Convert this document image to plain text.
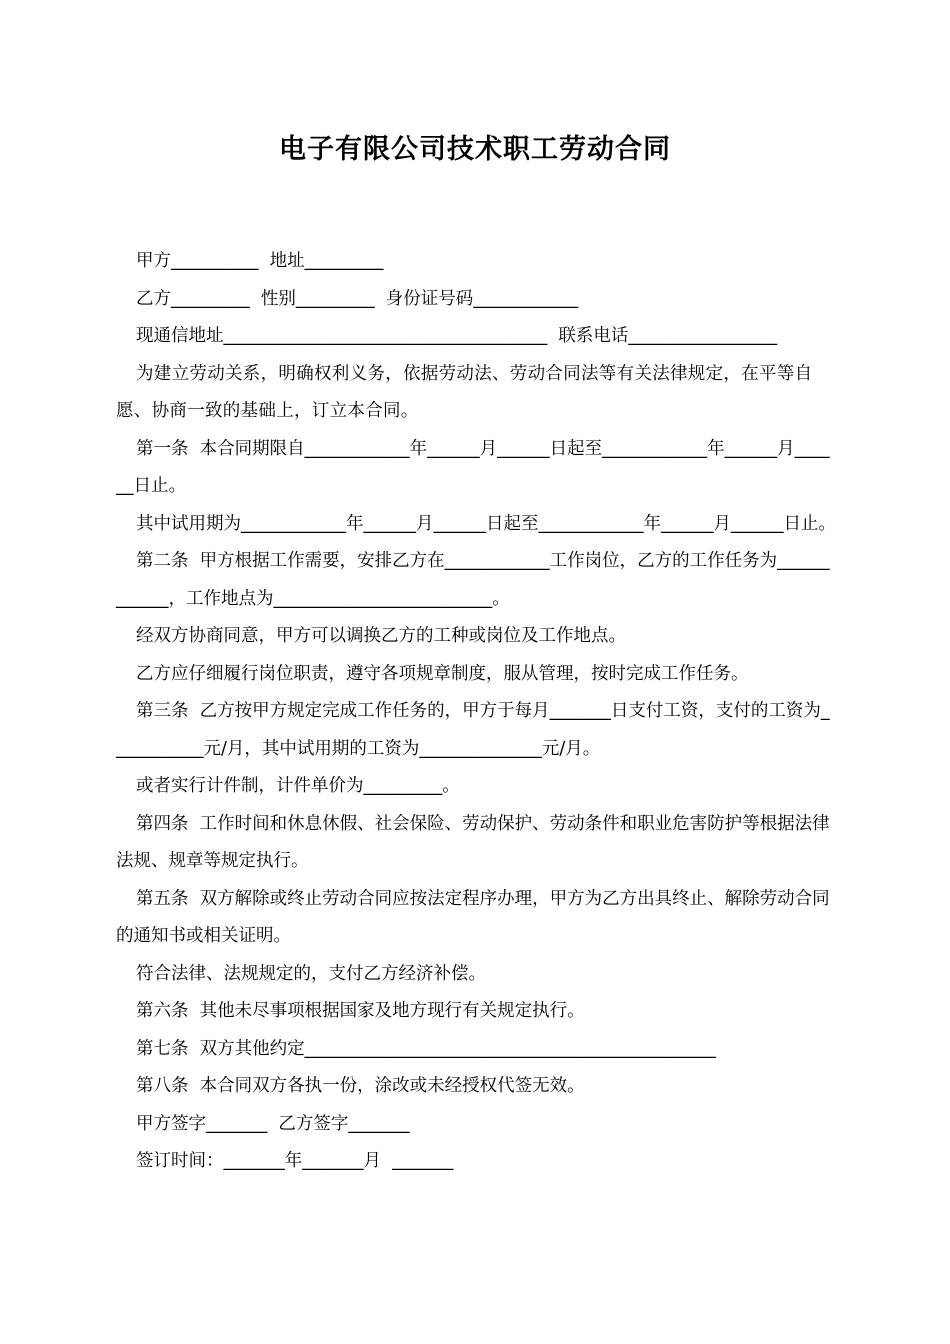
电子有限公司技术职工劳动合同

甲方__________  地址_________

乙方_________  性别_________  身份证号码____________

现通信地址_____________________________________  联系电话_________________

为建立劳动关系，明确权利义务，依据劳动法、劳动合同法等有关法律规定，在平等自愿、协商一致的基础上，订立本合同。

第一条  本合同期限自____________年______月______日起至____________年______月______日止。

其中试用期为____________年______月______日起至____________年______月______日止。

第二条  甲方根据工作需要，安排乙方在____________工作岗位，乙方的工作任务为____________，工作地点为_________________________。

经双方协商同意，甲方可以调换乙方的工种或岗位及工作地点。

乙方应仔细履行岗位职责，遵守各项规章制度，服从管理，按时完成工作任务。

第三条  乙方按甲方规定完成工作任务的，甲方于每月_______日支付工资，支付的工资为___________元/月，其中试用期的工资为______________元/月。

或者实行计件制，计件单价为_________。

第四条  工作时间和休息休假、社会保险、劳动保护、劳动条件和职业危害防护等根据法律法规、规章等规定执行。

第五条  双方解除或终止劳动合同应按法定程序办理，甲方为乙方出具终止、解除劳动合同的通知书或相关证明。

符合法律、法规规定的，支付乙方经济补偿。

第六条  其他未尽事项根据国家及地方现行有关规定执行。

第七条  双方其他约定_______________________________________________

第八条  本合同双方各执一份，涂改或未经授权代签无效。

甲方签字_______  乙方签字_______

签订时间：_______年_______月  _______
